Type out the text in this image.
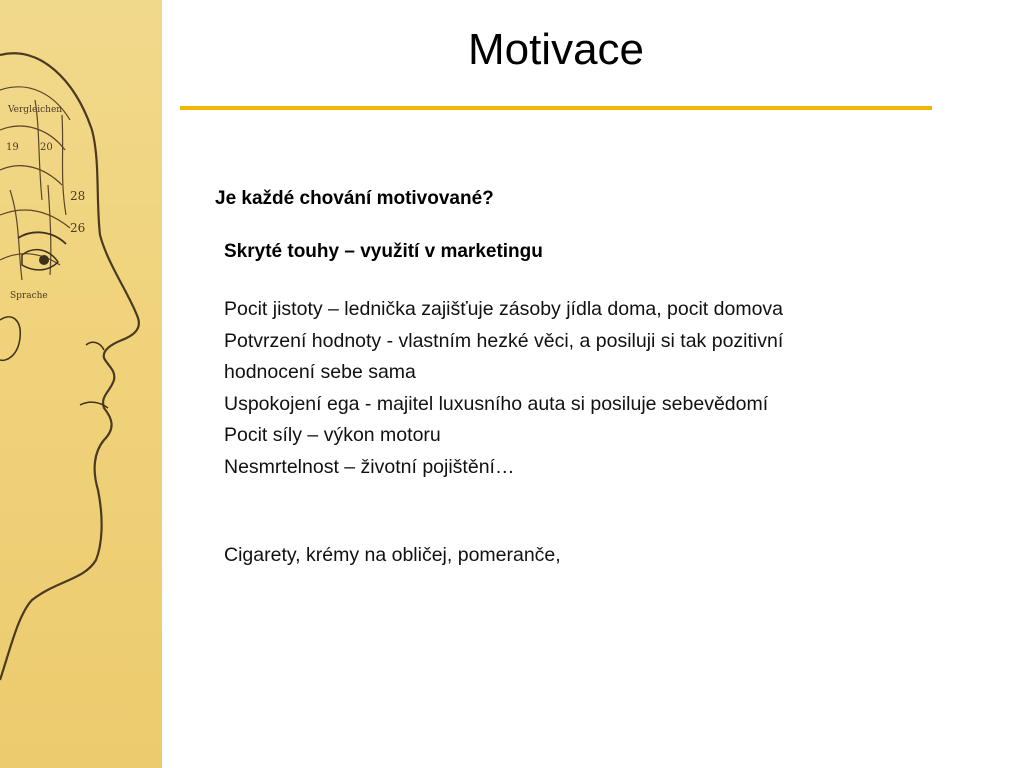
Vergleichen
28
26
19 20
Sprache
Motivace
Je každé chování motivované?
Skryté touhy – využití v marketingu
Pocit jistoty – lednička zajišťuje zásoby jídla doma, pocit domova
Potvrzení hodnoty - vlastním hezké věci, a posiluji si tak pozitivní
hodnocení sebe sama
Uspokojení ega - majitel luxusního auta si posiluje sebevědomí
Pocit síly – výkon motoru
Nesmrtelnost – životní pojištění…
Cigarety, krémy na obličej, pomeranče,
